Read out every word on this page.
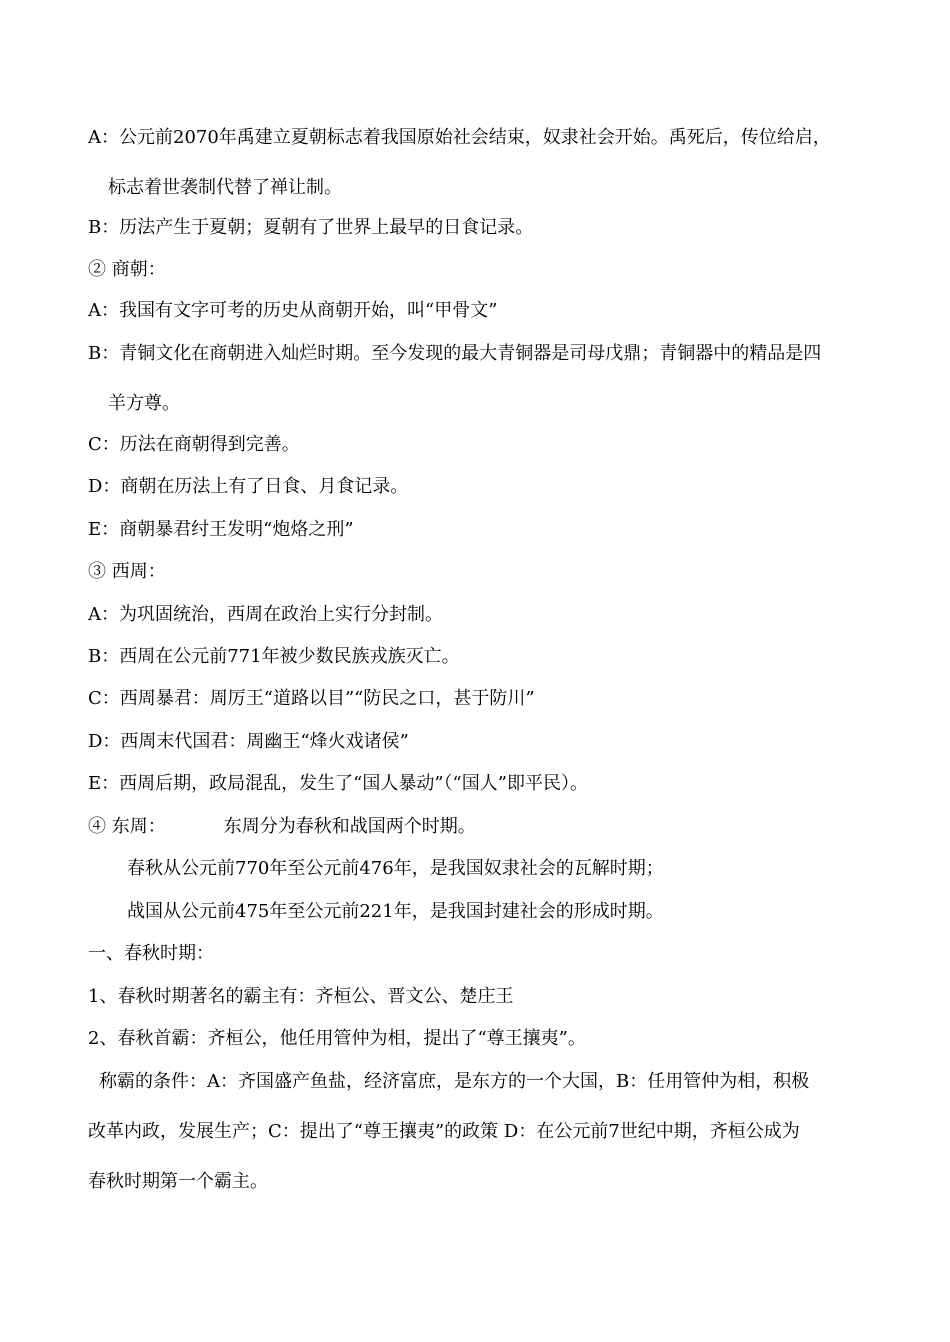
A：公元前2070年禹建立夏朝标志着我国原始社会结束，奴隶社会开始。禹死后，传位给启，
标志着世袭制代替了禅让制。
B：历法产生于夏朝；夏朝有了世界上最早的日食记录。
② 商朝：
A：我国有文字可考的历史从商朝开始，叫“甲骨文”
B：青铜文化在商朝进入灿烂时期。至今发现的最大青铜器是司母戊鼎；青铜器中的精品是四
羊方尊。
C：历法在商朝得到完善。
D：商朝在历法上有了日食、月食记录。
E：商朝暴君纣王发明“炮烙之刑”
③ 西周：
A：为巩固统治，西周在政治上实行分封制。
B：西周在公元前771年被少数民族戎族灭亡。
C：西周暴君：周厉王“道路以目”“防民之口，甚于防川”
D：西周末代国君：周幽王“烽火戏诸侯”
E：西周后期，政局混乱，发生了“国人暴动”（“国人”即平民）。
④ 东周：	东周分为春秋和战国两个时期。
春秋从公元前770年至公元前476年，是我国奴隶社会的瓦解时期；
战国从公元前475年至公元前221年，是我国封建社会的形成时期。
一、春秋时期：
1、春秋时期著名的霸主有：齐桓公、晋文公、楚庄王
2、春秋首霸：齐桓公，他任用管仲为相，提出了“尊王攘夷”。
称霸的条件：A：齐国盛产鱼盐，经济富庶，是东方的一个大国，B：任用管仲为相，积极
改革内政，发展生产；C：提出了“尊王攘夷”的政策 D：在公元前7世纪中期，齐桓公成为
春秋时期第一个霸主。
